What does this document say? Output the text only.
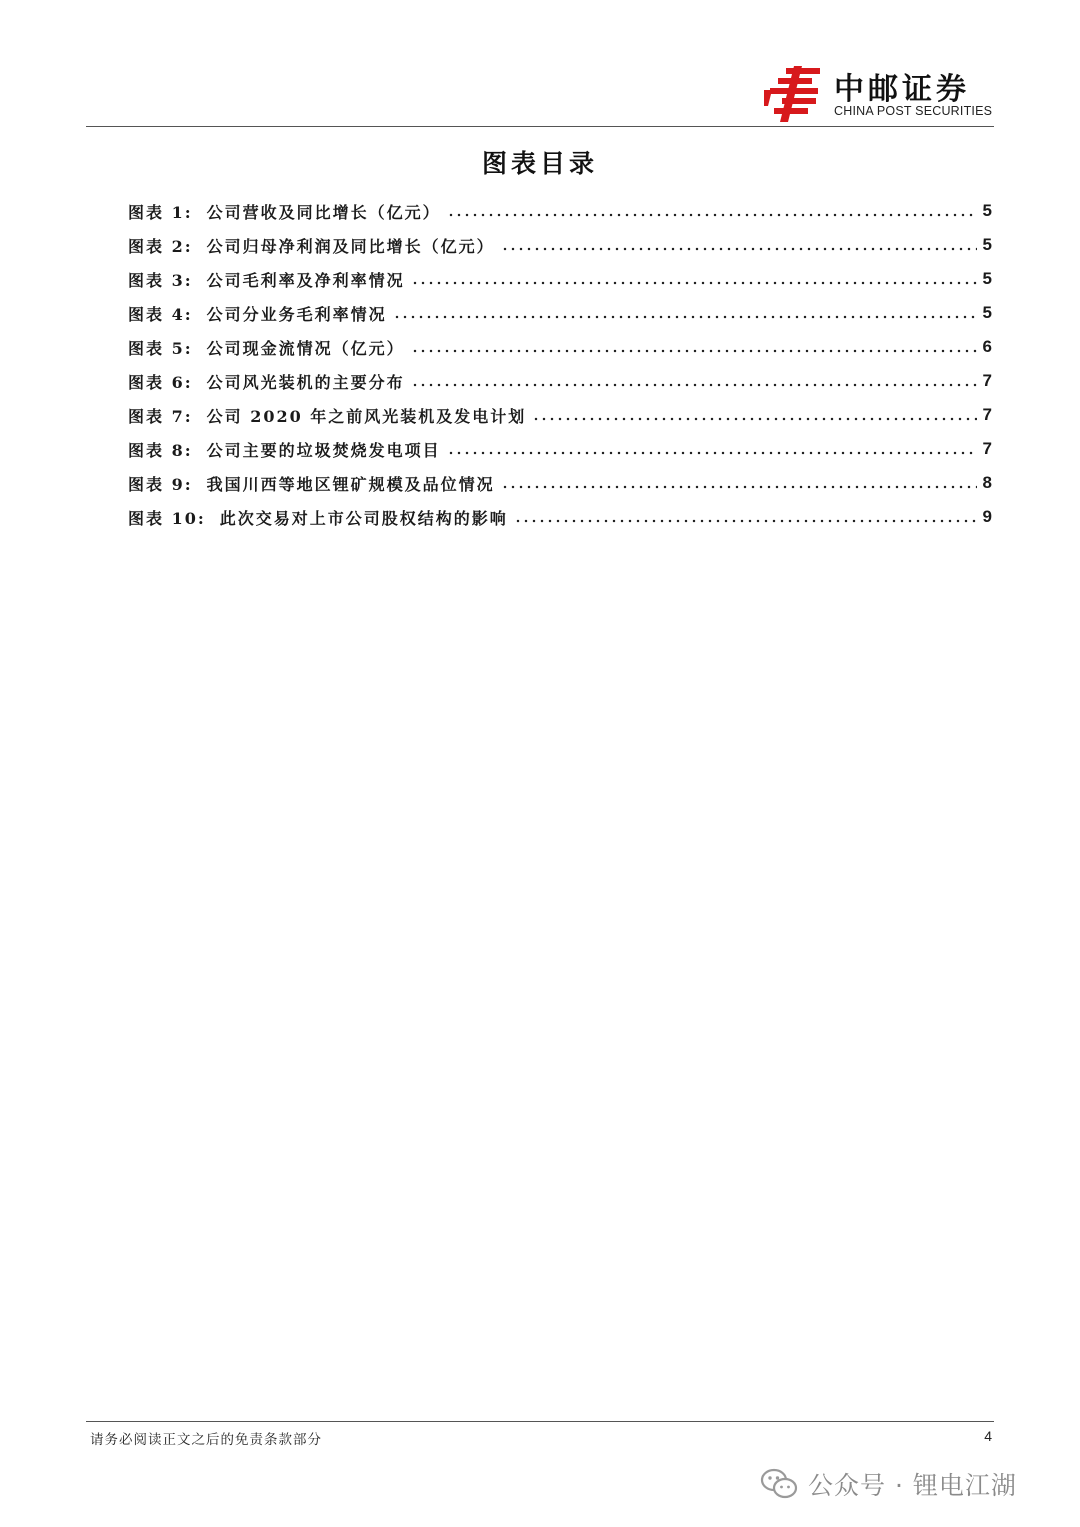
中邮证券
CHINA POST SECURITIES
图表目录
图表 1: 公司营收及同比增长（亿元）	5
图表 2: 公司归母净利润及同比增长（亿元）	5
图表 3: 公司毛利率及净利率情况	5
图表 4: 公司分业务毛利率情况	5
图表 5: 公司现金流情况（亿元）	6
图表 6: 公司风光装机的主要分布	7
图表 7: 公司 2020 年之前风光装机及发电计划	7
图表 8: 公司主要的垃圾焚烧发电项目	7
图表 9: 我国川西等地区锂矿规模及品位情况	8
图表 10: 此次交易对上市公司股权结构的影响	9
请务必阅读正文之后的免责条款部分	4
公众号 · 锂电江湖
